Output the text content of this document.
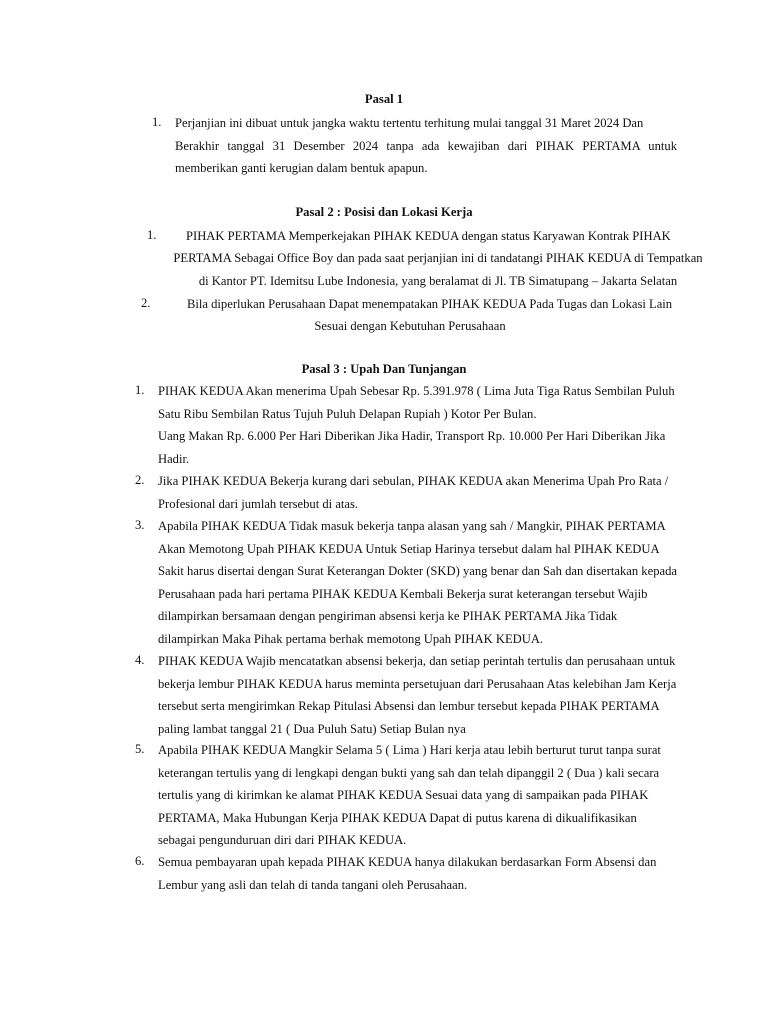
Pasal 1
1. Perjanjian ini dibuat untuk jangka waktu tertentu terhitung mulai tanggal 31 Maret 2024 Dan
Berakhir tanggal 31 Desember 2024 tanpa ada kewajiban dari PIHAK PERTAMA untuk
memberikan ganti kerugian dalam bentuk apapun.
Pasal 2 : Posisi dan Lokasi Kerja
1. PIHAK PERTAMA Memperkejakan PIHAK KEDUA dengan status Karyawan Kontrak PIHAK
PERTAMA Sebagai Office Boy dan pada saat perjanjian ini di tandatangi PIHAK KEDUA di Tempatkan
di Kantor PT. Idemitsu Lube Indonesia, yang beralamat di Jl. TB Simatupang – Jakarta Selatan
2.	Bila diperlukan Perusahaan Dapat menempatakan PIHAK KEDUA Pada Tugas dan Lokasi Lain
Sesuai dengan Kebutuhan Perusahaan
Pasal 3 : Upah Dan Tunjangan
1. PIHAK KEDUA Akan menerima Upah Sebesar Rp. 5.391.978 ( Lima Juta Tiga Ratus Sembilan Puluh
Satu Ribu Sembilan Ratus Tujuh Puluh Delapan Rupiah ) Kotor Per Bulan.
Uang Makan Rp. 6.000 Per Hari Diberikan Jika Hadir, Transport Rp. 10.000 Per Hari Diberikan Jika
Hadir.
2. Jika PIHAK KEDUA Bekerja kurang dari sebulan, PIHAK KEDUA akan Menerima Upah Pro Rata /
Profesional dari jumlah tersebut di atas.
3. Apabila PIHAK KEDUA Tidak masuk bekerja tanpa alasan yang sah / Mangkir, PIHAK PERTAMA
Akan Memotong Upah PIHAK KEDUA Untuk Setiap Harinya tersebut dalam hal PIHAK KEDUA
Sakit harus disertai dengan Surat Keterangan Dokter (SKD) yang benar dan Sah dan disertakan kepada
Perusahaan pada hari pertama PIHAK KEDUA Kembali Bekerja surat keterangan tersebut Wajib
dilampirkan bersamaan dengan pengiriman absensi kerja ke PIHAK PERTAMA Jika Tidak
dilampirkan Maka Pihak pertama berhak memotong Upah PIHAK KEDUA.
4. PIHAK KEDUA Wajib mencatatkan absensi bekerja, dan setiap perintah tertulis dan perusahaan untuk
bekerja lembur PIHAK KEDUA harus meminta persetujuan dari Perusahaan Atas kelebihan Jam Kerja
tersebut serta mengirimkan Rekap Pitulasi Absensi dan lembur tersebut kepada PIHAK PERTAMA
paling lambat tanggal 21 ( Dua Puluh Satu) Setiap Bulan nya
5. Apabila PIHAK KEDUA Mangkir Selama 5 ( Lima ) Hari kerja atau lebih berturut turut tanpa surat
keterangan tertulis yang di lengkapi dengan bukti yang sah dan telah dipanggil 2 ( Dua ) kali secara
tertulis yang di kirimkan ke alamat PIHAK KEDUA Sesuai data yang di sampaikan pada PIHAK
PERTAMA, Maka Hubungan Kerja PIHAK KEDUA Dapat di putus karena di dikualifikasikan
sebagai pengunduruan diri dari PIHAK KEDUA.
6. Semua pembayaran upah kepada PIHAK KEDUA hanya dilakukan berdasarkan Form Absensi dan
Lembur yang asli dan telah di tanda tangani oleh Perusahaan.
